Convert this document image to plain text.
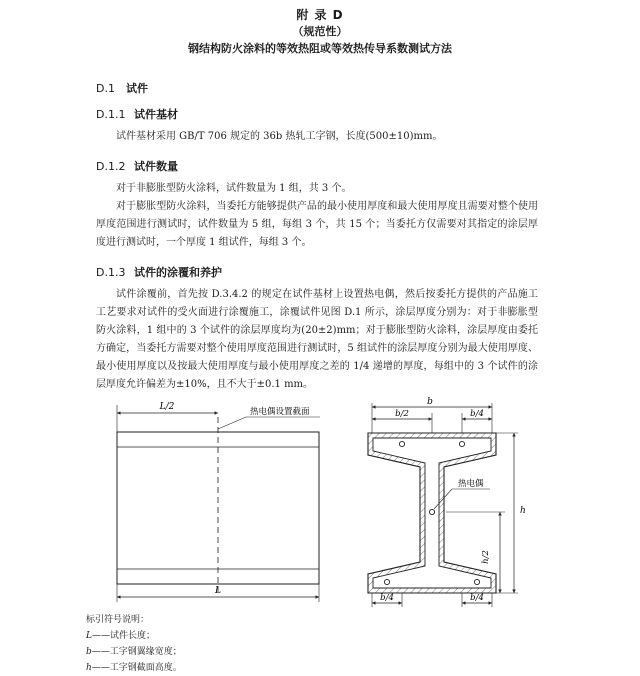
附 录 D
（规范性）
钢结构防火涂料的等效热阻或等效热传导系数测试方法
D.1 试件
D.1.1 试件基材

试件基材采用 GB/T 706 规定的 36b 热轧工字钢，长度(500±10)mm。

D.1.2 试件数量

对于非膨胀型防火涂料，试件数量为 1 组，共 3 个。

对于膨胀型防火涂料，当委托方能够提供产品的最小使用厚度和最大使用厚度且需要对整个使用厚度范围进行测试时，试件数量为 5 组，每组 3 个，共 15 个；当委托方仅需要对其指定的涂层厚度进行测试时，一个厚度 1 组试件，每组 3 个。

D.1.3 试件的涂覆和养护

试件涂覆前，首先按 D.3.4.2 的规定在试件基材上设置热电偶，然后按委托方提供的产品施工工艺要求对试件的受火面进行涂覆施工，涂覆试件见图 D.1 所示，涂层厚度分别为：对于非膨胀型防火涂料，1 组中的 3 个试件的涂层厚度均为(20±2)mm；对于膨胀型防火涂料，涂层厚度由委托方确定，当委托方需要对整个使用厚度范围进行测试时，5 组试件的涂层厚度分别为最大使用厚度、最小使用厚度以及按最大使用厚度与最小使用厚度之差的 1/4 递增的厚度，每组中的 3 个试件的涂层厚度允许偏差为±10%，且不大于±0.1 mm。

L/2
L
热电偶设置截面
b
b/2	b/4
热电偶
h
h/2
b/4	b/4
标引符号说明：
L——试件长度；
b——工字钢翼缘宽度；
h——工字钢截面高度。
